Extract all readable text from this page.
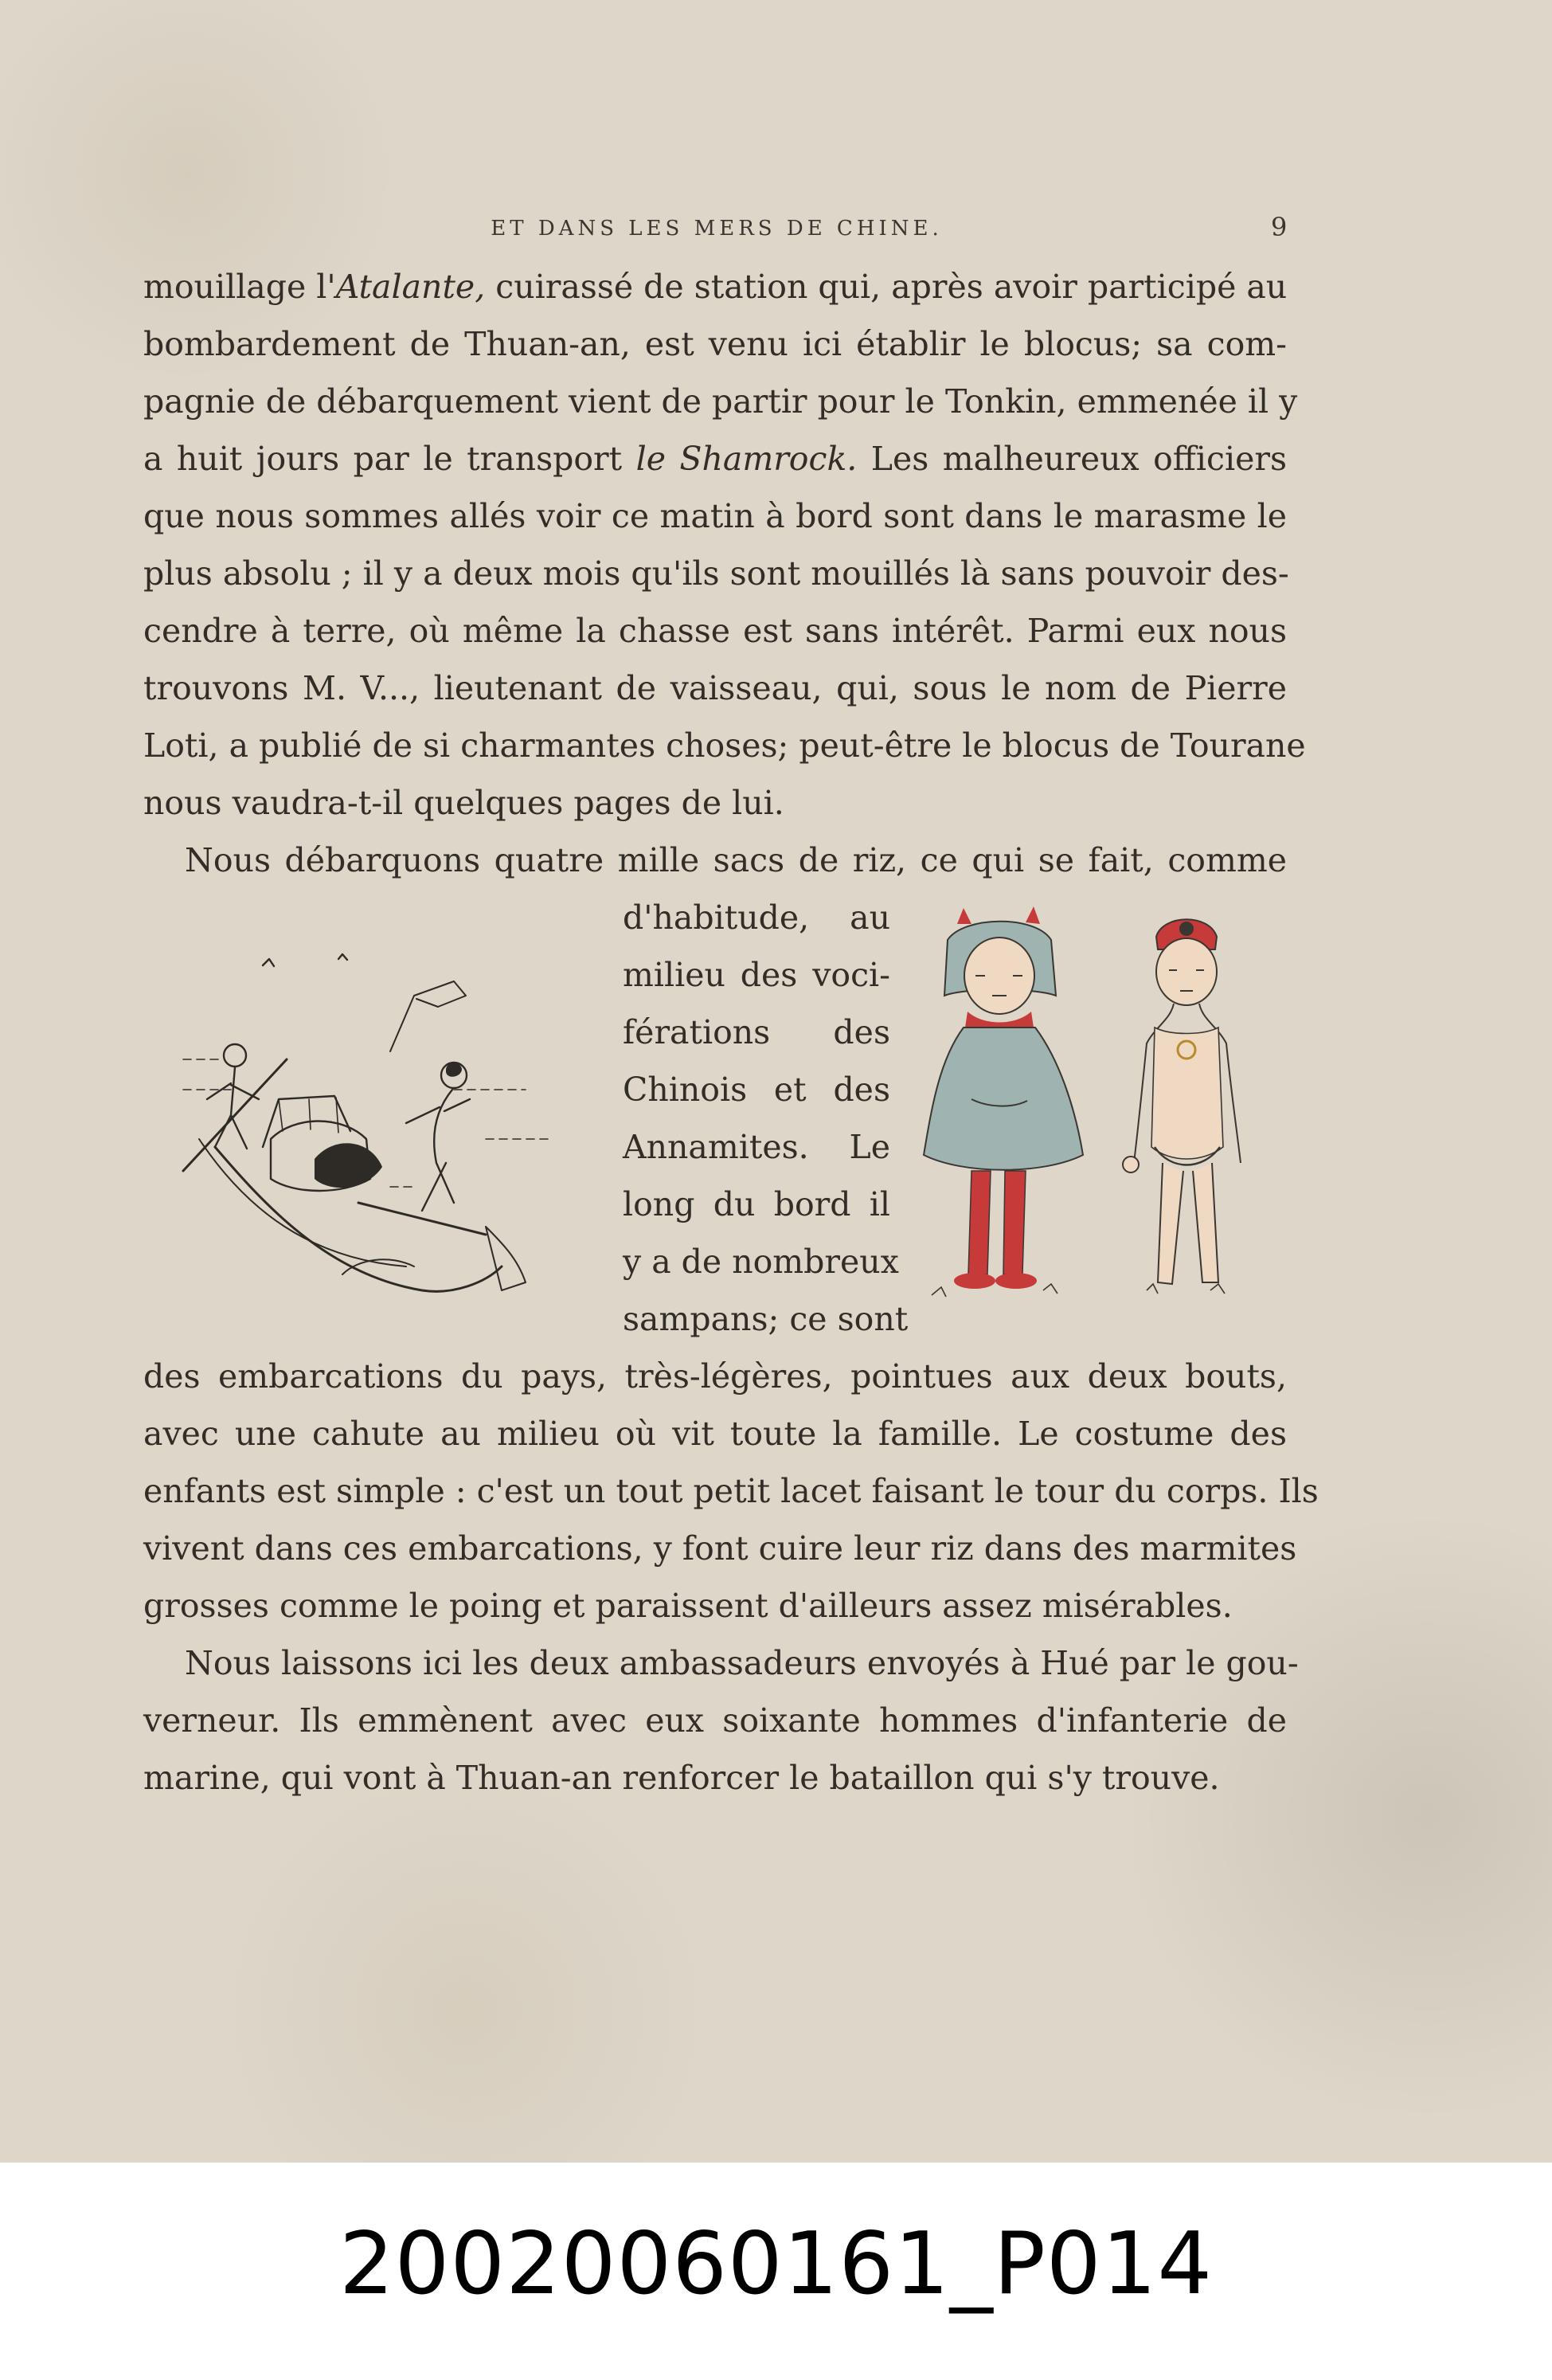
ET DANS LES MERS DE CHINE.	9
mouillage l'Atalante, cuirassé de station qui, après avoir participé au
bombardement de Thuan-an, est venu ici établir le blocus; sa com-
pagnie de débarquement vient de partir pour le Tonkin, emmenée il y
a huit jours par le transport le Shamrock. Les malheureux officiers
que nous sommes allés voir ce matin à bord sont dans le marasme le
plus absolu ; il y a deux mois qu'ils sont mouillés là sans pouvoir des-
cendre à terre, où même la chasse est sans intérêt. Parmi eux nous
trouvons M. V..., lieutenant de vaisseau, qui, sous le nom de Pierre
Loti, a publié de si charmantes choses; peut-être le blocus de Tourane
nous vaudra-t-il quelques pages de lui.
Nous débarquons quatre mille sacs de riz, ce qui se fait, comme
d'habitude, au
milieu des voci-
férations des
Chinois et des
Annamites. Le
long du bord il
y a de nombreux
sampans; ce sont
des embarcations du pays, très-légères, pointues aux deux bouts,
avec une cahute au milieu où vit toute la famille. Le costume des
enfants est simple : c'est un tout petit lacet faisant le tour du corps. Ils
vivent dans ces embarcations, y font cuire leur riz dans des marmites
grosses comme le poing et paraissent d'ailleurs assez misérables.
Nous laissons ici les deux ambassadeurs envoyés à Hué par le gou-
verneur. Ils emmènent avec eux soixante hommes d'infanterie de
marine, qui vont à Thuan-an renforcer le bataillon qui s'y trouve.
20020060161_P014
